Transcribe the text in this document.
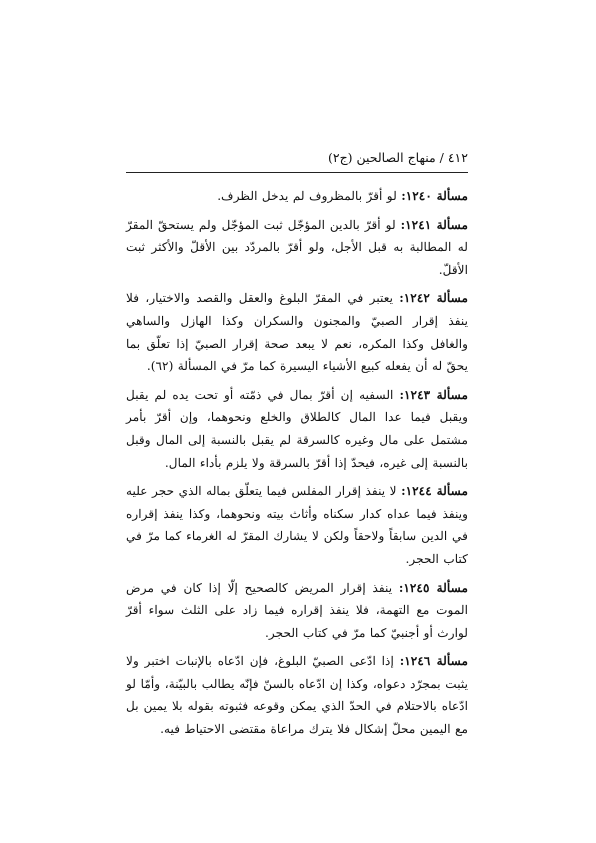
٤١٢ / منهاج الصالحين (ج٢)

مسألة ١٢٤٠: لو أقرّ بالمظروف لم يدخل الظرف.

مسألة ١٢٤١: لو أقرّ بالدين المؤجّل ثبت المؤجّل ولم يستحقّ المقرّ له المطالبة به قبل الأجل، ولو أقرّ بالمردّد بين الأقلّ والأكثر ثبت الأقلّ.

مسألة ١٢٤٢: يعتبر في المقرّ البلوغ والعقل والقصد والاختيار، فلا ينفذ إقرار الصبيّ والمجنون والسكران وكذا الهازل والساهي والغافل وكذا المكره، نعم لا يبعد صحة إقرار الصبيّ إذا تعلّق بما يحقّ له أن يفعله كبيع الأشياء اليسيرة كما مرّ في المسألة (٦٢).

مسألة ١٢٤٣: السفيه إن أقرّ بمال في ذمّته أو تحت يده لم يقبل ويقبل فيما عدا المال كالطلاق والخلع ونحوهما، وإن أقرّ بأمر مشتمل على مال وغيره كالسرقة لم يقبل بالنسبة إلى المال وقبل بالنسبة إلى غيره، فيحدّ إذا أقرّ بالسرقة ولا يلزم بأداء المال.

مسألة ١٢٤٤: لا ينفذ إقرار المفلس فيما يتعلّق بماله الذي حجر عليه وينفذ فيما عداه كدار سكناه وأثاث بيته ونحوهما، وكذا ينفذ إقراره في الدين سابقاً ولاحقاً ولكن لا يشارك المقرّ له الغرماء كما مرّ في كتاب الحجر.

مسألة ١٢٤٥: ينفذ إقرار المريض كالصحيح إلّا إذا كان في مرض الموت مع التهمة، فلا ينفذ إقراره فيما زاد على الثلث سواء أقرّ لوارث أو أجنبيّ كما مرّ في كتاب الحجر.

مسألة ١٢٤٦: إذا ادّعى الصبيّ البلوغ، فإن ادّعاه بالإنبات اختبر ولا يثبت بمجرّد دعواه، وكذا إن ادّعاه بالسنّ فإنّه يطالب بالبيّنة، وأمّا لو ادّعاه بالاحتلام في الحدّ الذي يمكن وقوعه فثبوته بقوله بلا يمين بل مع اليمين محلّ إشكال فلا يترك مراعاة مقتضى الاحتياط فيه.
